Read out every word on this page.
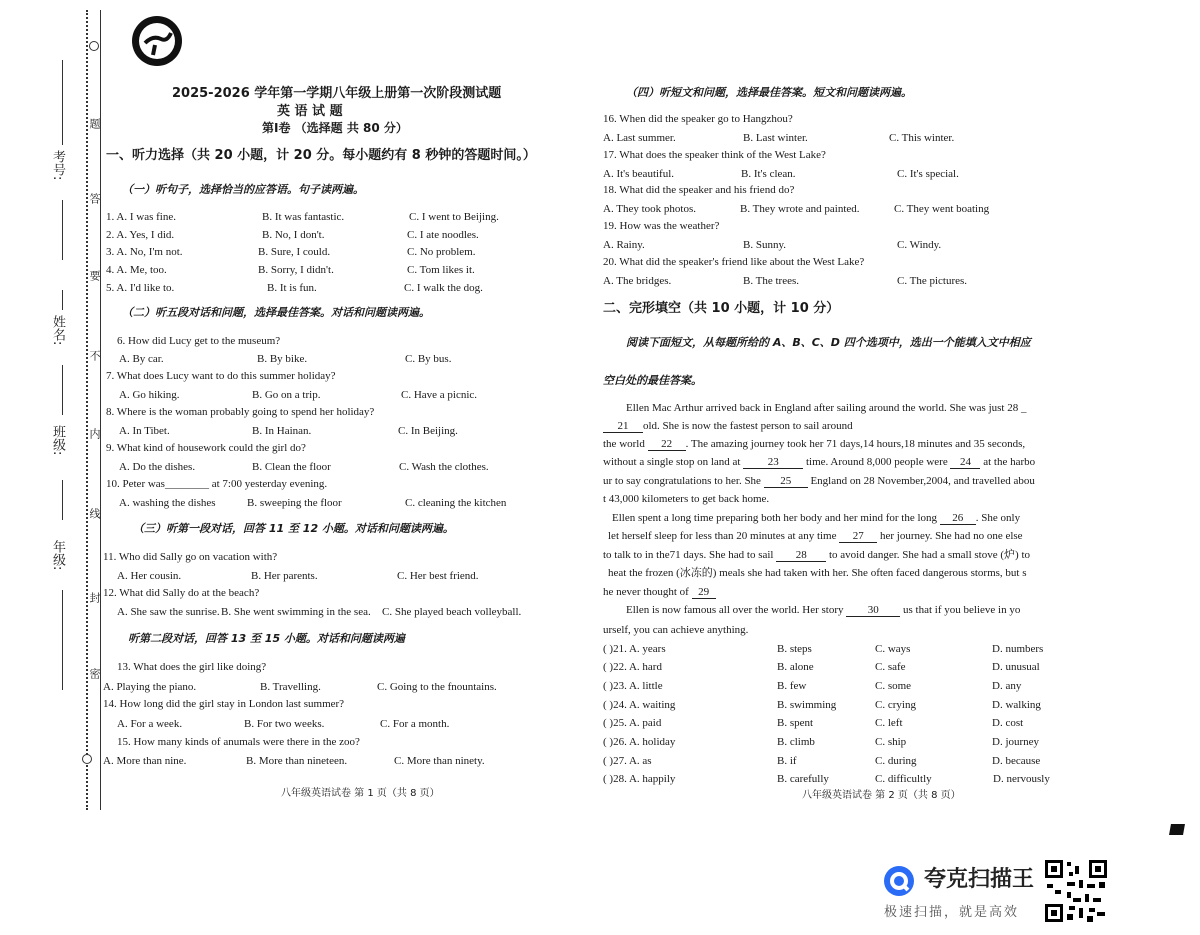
考号:
姓名:
班级:
年级:
题
答
要
不
内
线
封
密
2025-2026 学年第一学期八年级上册第一次阶段测试题
英 语 试 题
第Ⅰ卷 （选择题 共 80 分）
一、听力选择（共 20 小题，计 20 分。每小题约有 8 秒钟的答题时间。）
（一）听句子，选择恰当的应答语。句子读两遍。
1. A. I was fine.	B. It was fantastic.	C. I went to Beijing.
2. A. Yes, I did.	B. No, I don't.	C. I ate noodles.
3. A. No, I'm not.	B. Sure, I could.	C. No problem.
4. A. Me, too.	B. Sorry, I didn't.	C. Tom likes it.
5. A. I'd like to.	B. It is fun.	C. I walk the dog.
（二）听五段对话和问题，选择最佳答案。对话和问题读两遍。
6. How did Lucy get to the museum?
A. By car.	B. By bike.	C. By bus.
7. What does Lucy want to do this summer holiday?
A. Go hiking.	B. Go on a trip.	C. Have a picnic.
8. Where is the woman probably going to spend her holiday?
A. In Tibet.	B. In Hainan.	C. In Beijing.
9. What kind of housework could the girl do?
A. Do the dishes.	B. Clean the floor	C. Wash the clothes.
10. Peter was________ at 7:00 yesterday evening.
A. washing the dishes	B. sweeping the floor	C. cleaning the kitchen
（三）听第一段对话，回答 11 至 12 小题。对话和问题读两遍。
11. Who did Sally go on vacation with?
A. Her cousin.	B. Her parents.	C. Her best friend.
12. What did Sally do at the beach?
A. She saw the sunrise. B. She went swimming in the sea. C. She played beach volleyball.
听第二段对话，回答 13 至 15 小题。对话和问题读两遍
13. What does the girl like doing?
A. Playing the piano.	B. Travelling.	C. Going to the fnountains.
14. How long did the girl stay in London last summer?
A. For a week.	B. For two weeks.	C. For a month.
15. How many kinds of anumals were there in the zoo?
A. More than nine.	B. More than nineteen.	C. More than ninety.
八年级英语试卷 第 1 页（共 8 页）
（四）听短文和问题，选择最佳答案。短文和问题读两遍。
16. When did the speaker go to Hangzhou?
A. Last summer.	B. Last winter.	C. This winter.
17. What does the speaker think of the West Lake?
A. It's beautiful.	B. It's clean.	C. It's special.
18. What did the speaker and his friend do?
A. They took photos.	B. They wrote and painted.	C. They went boating
19. How was the weather?
A. Rainy.	B. Sunny.	C. Windy.
20. What did the speaker's friend like about the West Lake?
A. The bridges.	B. The trees.	C. The pictures.
二、完形填空（共 10 小题，计 10 分）
阅读下面短文，从每题所给的 A、B、C、D 四个选项中，选出一个能填入文中相应
空白处的最佳答案。
Ellen Mac Arthur arrived back in England after sailing around the world. She was just 28 _
21 old. She is now the fastest person to sail around
the world 22 . The amazing journey took her 71 days,14 hours,18 minutes and 35 seconds,
without a single stop on land at 23 time. Around 8,000 people were 24 at the harbo
ur to say congratulations to her. She 25 England on 28 November,2004, and travelled abou
t 43,000 kilometers to get back home.
Ellen spent a long time preparing both her body and her mind for the long 26 . She only
let herself sleep for less than 20 minutes at any time 27 her journey. She had no one else
to talk to in the71 days. She had to sail 28 to avoid danger. She had a small stove (炉) to
heat the frozen (冰冻的) meals she had taken with her. She often faced dangerous storms, but s
he never thought of 29
Ellen is now famous all over the world. Her story 30 us that if you believe in yo
urself, you can achieve anything.
( )21. A. years	B. steps	C. ways	D. numbers
( )22. A. hard	B. alone	C. safe	D. unusual
( )23. A. little	B. few	C. some	D. any
( )24. A. waiting	B. swimming	C. crying	D. walking
( )25. A. paid	B. spent	C. left	D. cost
( )26. A. holiday	B. climb	C. ship	D. journey
( )27. A. as	B. if	C. during	D. because
( )28. A. happily	B. carefully	C. difficultly	D. nervously
八年级英语试卷 第 2 页（共 8 页）
夸克扫描王
极速扫描，就是高效
